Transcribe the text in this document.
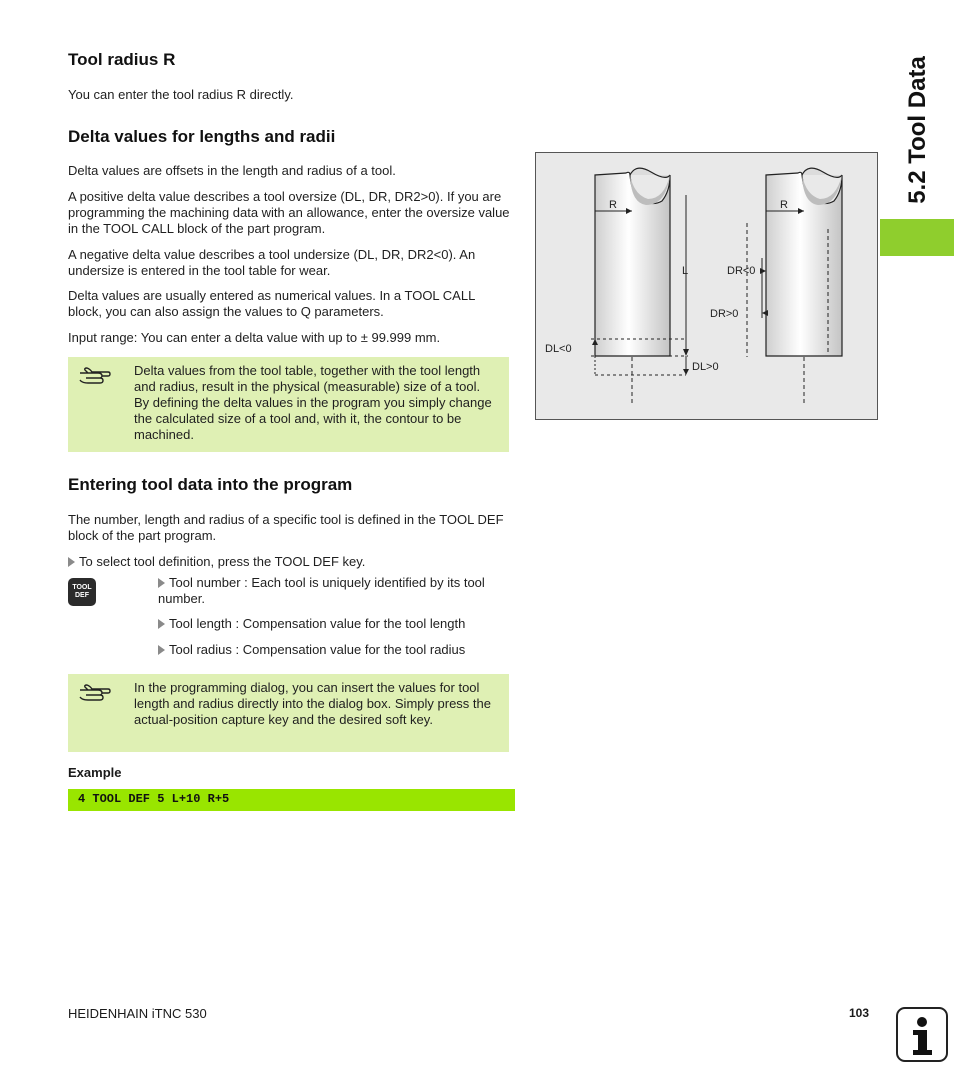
5.2 Tool Data
Tool radius R

You can enter the tool radius R directly.

Delta values for lengths and radii

Delta values are offsets in the length and radius of a tool.

A positive delta value describes a tool oversize (DL, DR, DR2>0). If you are programming the machining data with an allowance, enter the oversize value in the TOOL CALL block of the part program.

A negative delta value describes a tool undersize (DL, DR, DR2<0). An undersize is entered in the tool table for wear.

Delta values are usually entered as numerical values. In a TOOL CALL block, you can also assign the values to Q parameters.

Input range: You can enter a delta value with up to ± 99.999 mm.

Delta values from the tool table, together with the tool length and radius, result in the physical (measurable) size of a tool. By defining the delta values in the program you simply change the calculated size of a tool and, with it, the contour to be machined.

Entering tool data into the program

The number, length and radius of a specific tool is defined in the TOOL DEF block of the part program.

To select tool definition, press the TOOL DEF key.

TOOL
DEF

Tool number : Each tool is uniquely identified by its tool number.

Tool length : Compensation value for the tool length

Tool radius : Compensation value for the tool radius

In the programming dialog, you can insert the values for tool length and radius directly into the dialog box. Simply press the actual-position capture key and the desired soft key.

Example
4 TOOL DEF 5 L+10 R+5
R	R
L	DR<0
DR>0
DL<0
DL>0
HEIDENHAIN iTNC 530	103
